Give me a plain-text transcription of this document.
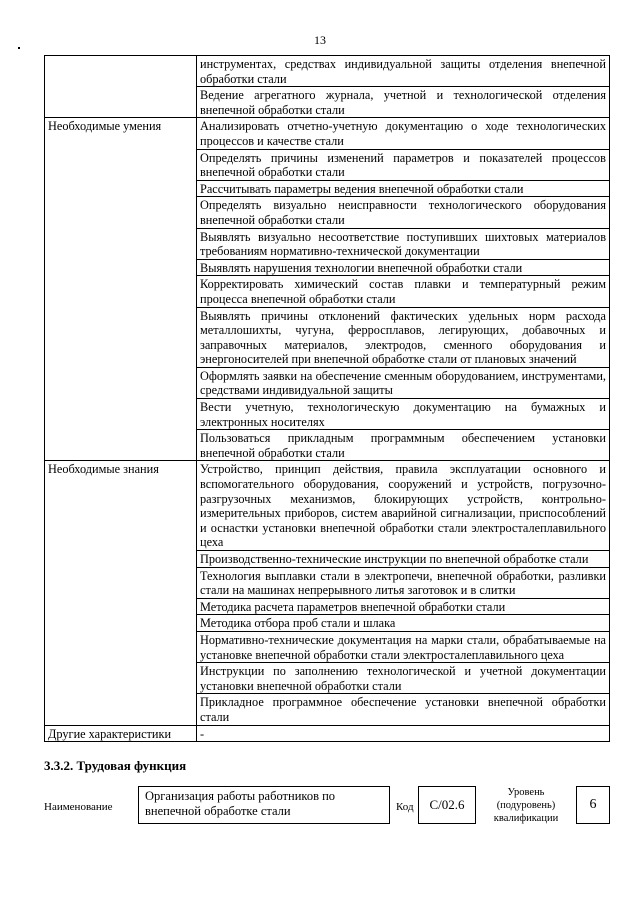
13
	инструментах, средствах индивидуальной защиты отделения внепечной обработки стали
	Ведение агрегатного журнала, учетной и технологической отделения внепечной обработки стали
Необходимые умения	Анализировать отчетно-учетную документацию о ходе технологических процессов и качестве стали
	Определять причины изменений параметров и показателей процессов внепечной обработки стали
	Рассчитывать параметры ведения внепечной обработки стали
	Определять визуально неисправности технологического оборудования внепечной обработки стали
	Выявлять визуально несоответствие поступивших шихтовых материалов требованиям нормативно-технической документации
	Выявлять нарушения технологии внепечной обработки стали
	Корректировать химический состав плавки и температурный режим процесса внепечной обработки стали
	Выявлять причины отклонений фактических удельных норм расхода металлошихты, чугуна, ферросплавов, легирующих, добавочных и заправочных материалов, электродов, сменного оборудования и энергоносителей при внепечной обработке стали от плановых значений
	Оформлять заявки на обеспечение сменным оборудованием, инструментами, средствами индивидуальной защиты
	Вести учетную, технологическую документацию на бумажных и электронных носителях
	Пользоваться прикладным программным обеспечением установки внепечной обработки стали
Необходимые знания	Устройство, принцип действия, правила эксплуатации основного и вспомогательного оборудования, сооружений и устройств, погрузочно-разгрузочных механизмов, блокирующих устройств, контрольно-измерительных приборов, систем аварийной сигнализации, приспособлений и оснастки установки внепечной обработки стали электросталеплавильного цеха
	Производственно-технические инструкции по внепечной обработке стали
	Технология выплавки стали в электропечи, внепечной обработки, разливки стали на машинах непрерывного литья заготовок и в слитки
	Методика расчета параметров внепечной обработки стали
	Методика отбора проб стали и шлака
	Нормативно-технические документация на марки стали, обрабатываемые на установке внепечной обработки стали электросталеплавильного цеха
	Инструкции по заполнению технологической и учетной документации установки внепечной обработки стали
	Прикладное программное обеспечение установки внепечной обработки стали
Другие характеристики	-
3.3.2. Трудовая функция
Наименование
Организация работы работников по внепечной обработке стали	Код	C/02.6
Уровень (подуровень) квалификации
6
